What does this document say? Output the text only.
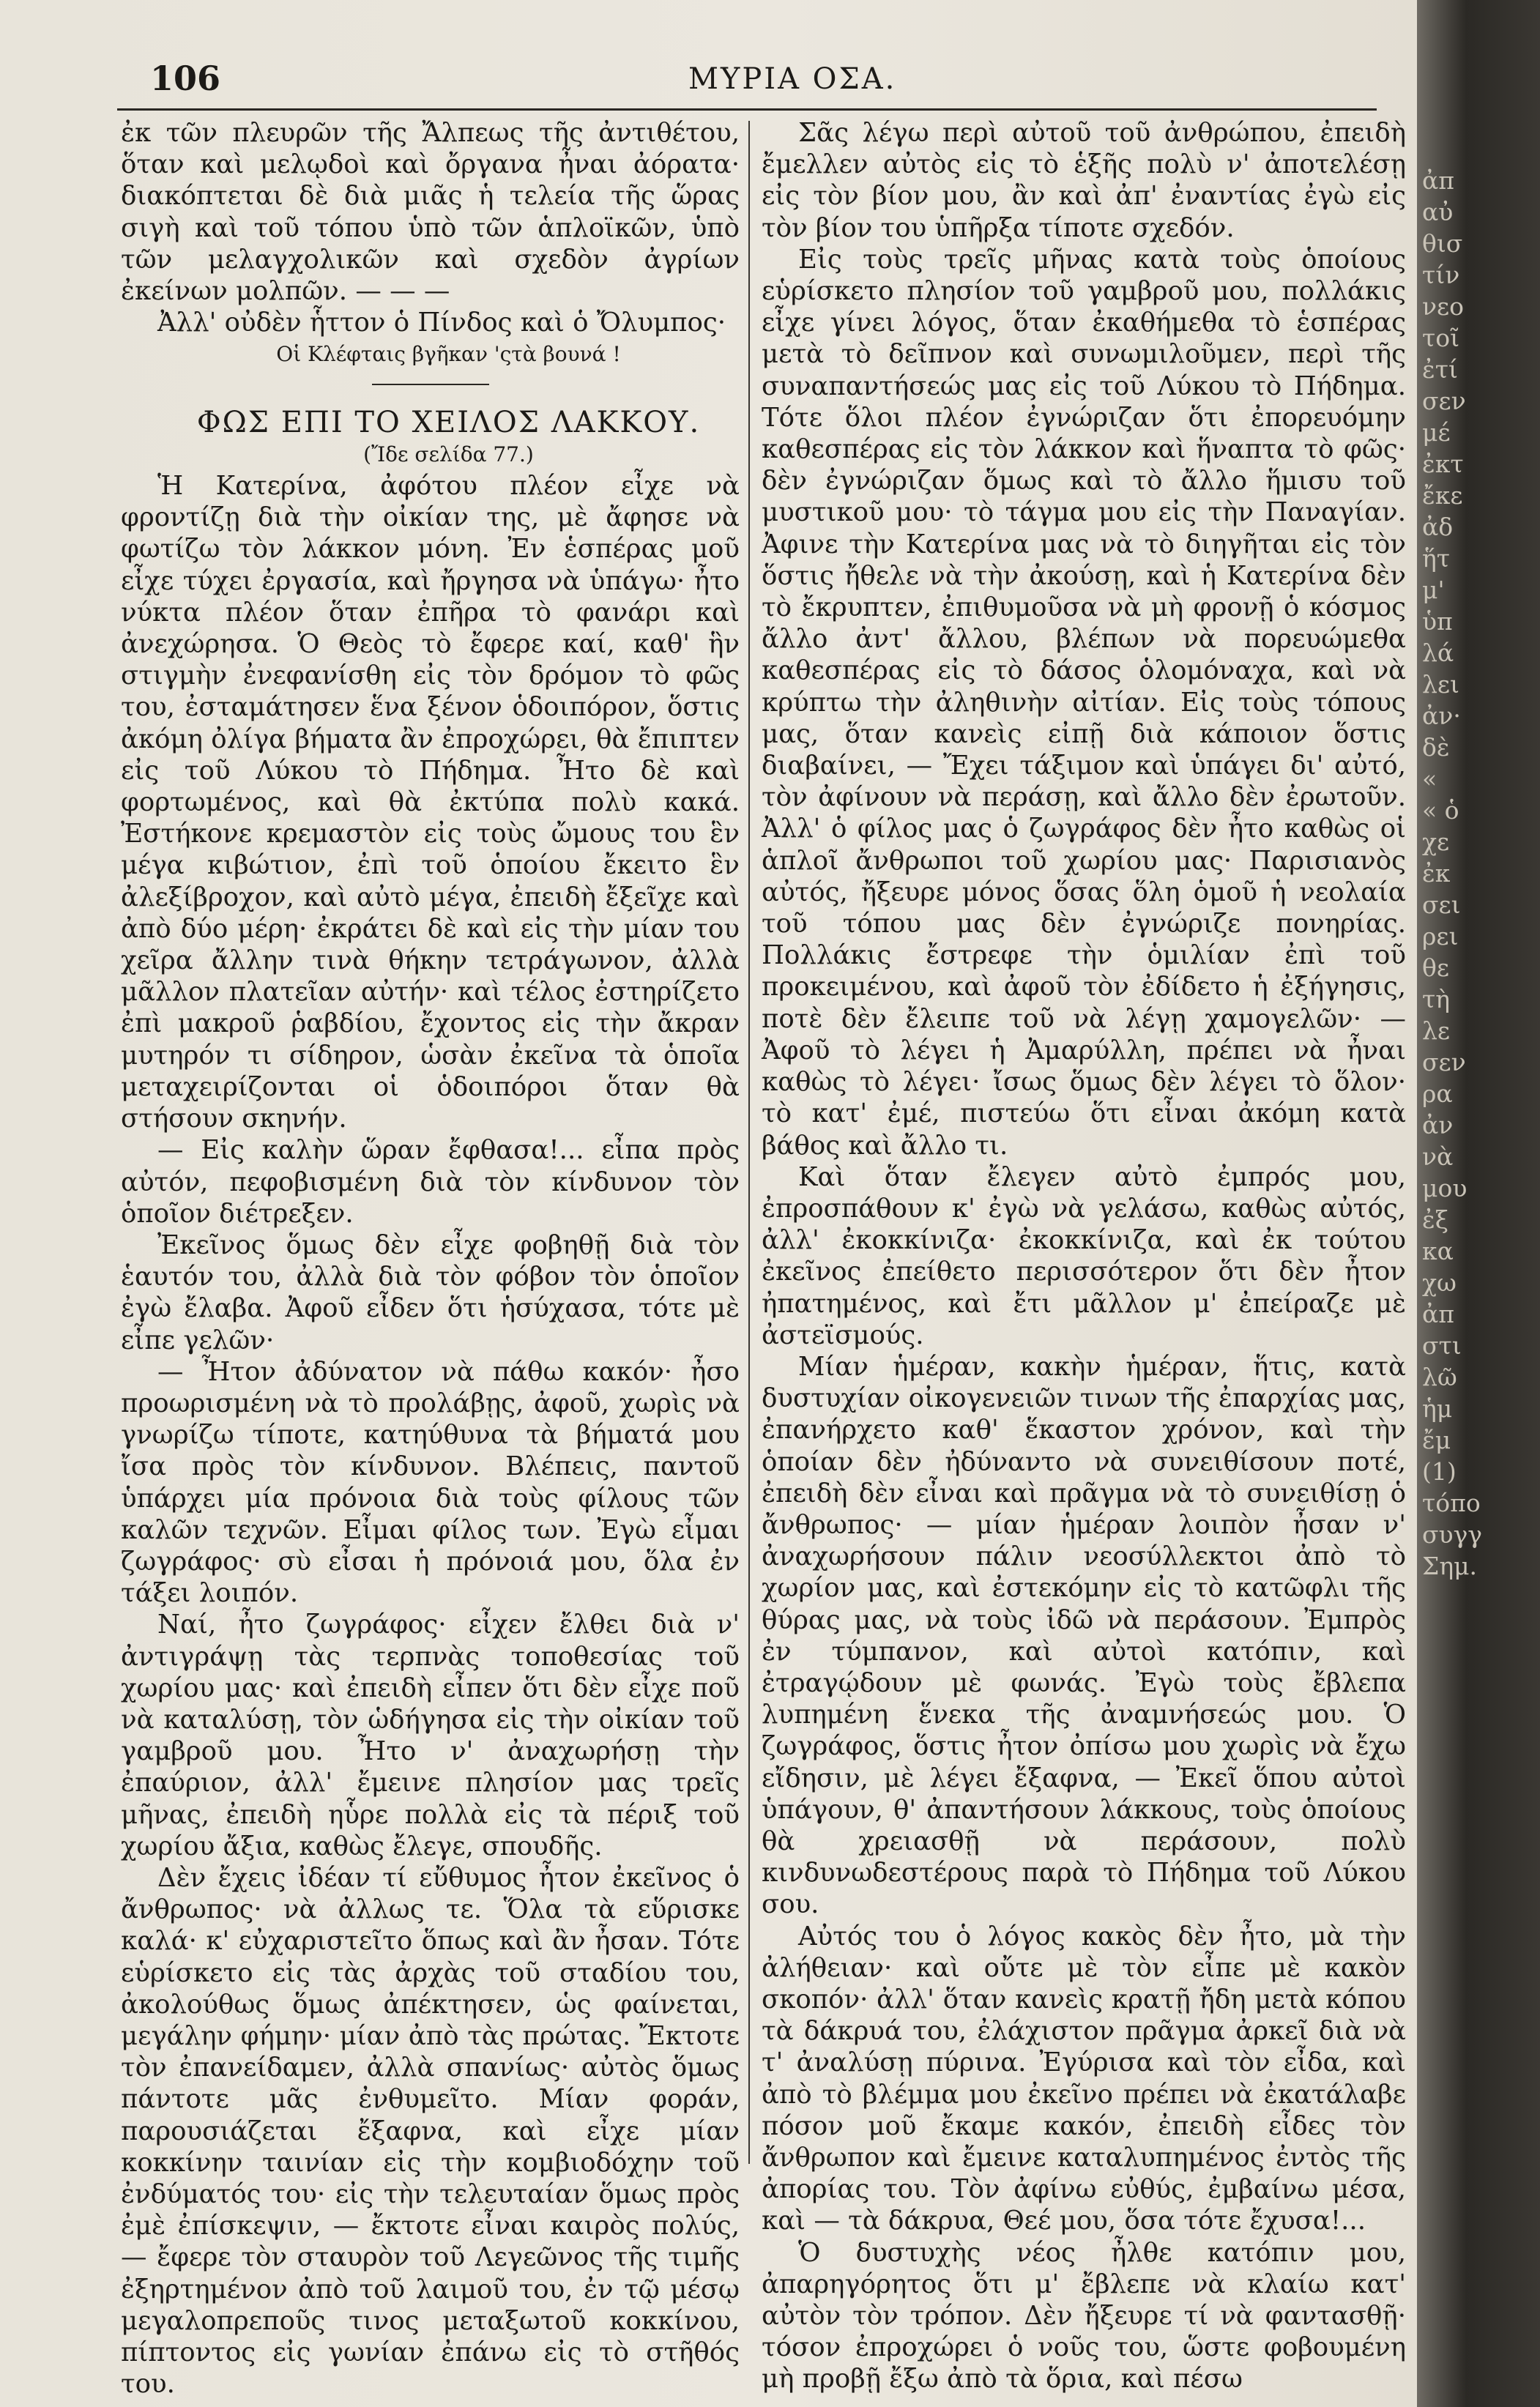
106	ΜΥΡΙΑ ΟΣΑ.

ἐκ τῶν πλευρῶν τῆς Ἄλπεως τῆς ἀντιθέτου, ὅταν καὶ μελῳδοὶ καὶ ὄργανα ἦναι ἀόρατα· διακόπτεται δὲ διὰ μιᾶς ἡ τελεία τῆς ὥρας σιγὴ καὶ τοῦ τόπου ὑπὸ τῶν ἁπλοϊκῶν, ὑπὸ τῶν μελαγχολικῶν καὶ σχεδὸν ἀγρίων ἐκείνων μολπῶν. — — —

Ἀλλ' οὐδὲν ἧττον ὁ Πίνδος καὶ ὁ Ὄλυμπος·

Οἱ Κλέφταις βγῆκαν 'ςτὰ βουνά !

ΦΩΣ ΕΠΙ ΤΟ ΧΕΙΛΟΣ ΛΑΚΚΟΥ.

(Ἴδε σελίδα 77.)

Ἡ Κατερίνα, ἀφότου πλέον εἶχε νὰ φροντίζῃ διὰ τὴν οἰκίαν της, μὲ ἄφησε νὰ φωτίζω τὸν λάκκον μόνη. Ἐν ἑσπέρας μοῦ εἶχε τύχει ἐργασία, καὶ ἤργησα νὰ ὑπάγω· ἦτο νύκτα πλέον ὅταν ἐπῆρα τὸ φανάρι καὶ ἀνεχώρησα. Ὁ Θεὸς τὸ ἔφερε καί, καθ' ἣν στιγμὴν ἐνεφανίσθη εἰς τὸν δρόμον τὸ φῶς του, ἐσταμάτησεν ἕνα ξένον ὁδοιπόρον, ὅστις ἀκόμη ὀλίγα βήματα ἂν ἐπροχώρει, θὰ ἔπιπτεν εἰς τοῦ Λύκου τὸ Πήδημα. Ἦτο δὲ καὶ φορτωμένος, καὶ θὰ ἐκτύπα πολὺ κακά. Ἐστήκονε κρεμαστὸν εἰς τοὺς ὤμους του ἓν μέγα κιβώτιον, ἐπὶ τοῦ ὁποίου ἔκειτο ἓν ἀλεξίβροχον, καὶ αὐτὸ μέγα, ἐπειδὴ ἔξεῖχε καὶ ἀπὸ δύο μέρη· ἐκράτει δὲ καὶ εἰς τὴν μίαν του χεῖρα ἄλλην τινὰ θήκην τετράγωνον, ἀλλὰ μᾶλλον πλατεῖαν αὐτήν· καὶ τέλος ἐστηρίζετο ἐπὶ μακροῦ ῥαβδίου, ἔχοντος εἰς τὴν ἄκραν μυτηρόν τι σίδηρον, ὡσὰν ἐκεῖνα τὰ ὁποῖα μεταχειρίζονται οἱ ὁδοιπόροι ὅταν θὰ στήσουν σκηνήν.

— Εἰς καλὴν ὥραν ἔφθασα!... εἶπα πρὸς αὐτόν, πεφοβισμένη διὰ τὸν κίνδυνον τὸν ὁποῖον διέτρεξεν.

Ἐκεῖνος ὅμως δὲν εἶχε φοβηθῇ διὰ τὸν ἑαυτόν του, ἀλλὰ διὰ τὸν φόβον τὸν ὁποῖον ἐγὼ ἔλαβα. Ἀφοῦ εἶδεν ὅτι ἡσύχασα, τότε μὲ εἶπε γελῶν·

— Ἦτον ἀδύνατον νὰ πάθω κακόν· ἦσο προωρισμένη νὰ τὸ προλάβῃς, ἀφοῦ, χωρὶς νὰ γνωρίζω τίποτε, κατηύθυνα τὰ βήματά μου ἴσα πρὸς τὸν κίνδυνον. Βλέπεις, παντοῦ ὑπάρχει μία πρόνοια διὰ τοὺς φίλους τῶν καλῶν τεχνῶν. Εἶμαι φίλος των. Ἐγὼ εἶμαι ζωγράφος· σὺ εἶσαι ἡ πρόνοιά μου, ὅλα ἐν τάξει λοιπόν.

Ναί, ἦτο ζωγράφος· εἶχεν ἔλθει διὰ ν' ἀντιγράψῃ τὰς τερπνὰς τοποθεσίας τοῦ χωρίου μας· καὶ ἐπειδὴ εἶπεν ὅτι δὲν εἶχε ποῦ νὰ καταλύσῃ, τὸν ὡδήγησα εἰς τὴν οἰκίαν τοῦ γαμβροῦ μου. Ἦτο ν' ἀναχωρήσῃ τὴν ἐπαύριον, ἀλλ' ἔμεινε πλησίον μας τρεῖς μῆνας, ἐπειδὴ ηὗρε πολλὰ εἰς τὰ πέριξ τοῦ χωρίου ἄξια, καθὼς ἔλεγε, σπουδῆς.

Δὲν ἔχεις ἰδέαν τί εὔθυμος ἦτον ἐκεῖνος ὁ ἄνθρωπος· νὰ ἀλλως τε. Ὅλα τὰ εὕρισκε καλά· κ' εὐχαριστεῖτο ὅπως καὶ ἂν ἦσαν. Τότε εὑρίσκετο εἰς τὰς ἀρχὰς τοῦ σταδίου του, ἀκολούθως ὅμως ἀπέκτησεν, ὡς φαίνεται, μεγάλην φήμην· μίαν ἀπὸ τὰς πρώτας. Ἔκτοτε τὸν ἐπανείδαμεν, ἀλλὰ σπανίως· αὐτὸς ὅμως πάντοτε μᾶς ἐνθυμεῖτο. Μίαν φοράν, παρουσιάζεται ἔξαφνα, καὶ εἶχε μίαν κοκκίνην ταινίαν εἰς τὴν κομβιοδόχην τοῦ ἐνδύματός του· εἰς τὴν τελευταίαν ὅμως πρὸς ἐμὲ ἐπίσκεψιν, — ἔκτοτε εἶναι καιρὸς πολύς, — ἔφερε τὸν σταυρὸν τοῦ Λεγεῶνος τῆς τιμῆς ἐξηρτημένον ἀπὸ τοῦ λαιμοῦ του, ἐν τῷ μέσῳ μεγαλοπρεποῦς τινος μεταξωτοῦ κοκκίνου, πίπτοντος εἰς γωνίαν ἐπάνω εἰς τὸ στῆθός του.

Σᾶς λέγω περὶ αὐτοῦ τοῦ ἀνθρώπου, ἐπειδὴ ἔμελλεν αὐτὸς εἰς τὸ ἑξῆς πολὺ ν' ἀποτελέσῃ εἰς τὸν βίον μου, ἂν καὶ ἀπ' ἐναντίας ἐγὼ εἰς τὸν βίον του ὑπῆρξα τίποτε σχεδόν.

Εἰς τοὺς τρεῖς μῆνας κατὰ τοὺς ὁποίους εὑρίσκετο πλησίον τοῦ γαμβροῦ μου, πολλάκις εἶχε γίνει λόγος, ὅταν ἐκαθήμεθα τὸ ἑσπέρας μετὰ τὸ δεῖπνον καὶ συνωμιλοῦμεν, περὶ τῆς συναπαντήσεώς μας εἰς τοῦ Λύκου τὸ Πήδημα. Τότε ὅλοι πλέον ἐγνώριζαν ὅτι ἐπορευόμην καθεσπέρας εἰς τὸν λάκκον καὶ ἥναπτα τὸ φῶς· δὲν ἐγνώριζαν ὅμως καὶ τὸ ἄλλο ἥμισυ τοῦ μυστικοῦ μου· τὸ τάγμα μου εἰς τὴν Παναγίαν. Ἀφινε τὴν Κατερίνα μας νὰ τὸ διηγῆται εἰς τὸν ὅστις ἤθελε νὰ τὴν ἀκούσῃ, καὶ ἡ Κατερίνα δὲν τὸ ἔκρυπτεν, ἐπιθυμοῦσα νὰ μὴ φρονῇ ὁ κόσμος ἄλλο ἀντ' ἄλλου, βλέπων νὰ πορευώμεθα καθεσπέρας εἰς τὸ δάσος ὁλομόναχα, καὶ νὰ κρύπτω τὴν ἀληθινὴν αἰτίαν. Εἰς τοὺς τόπους μας, ὅταν κανεὶς εἰπῇ διὰ κάποιον ὅστις διαβαίνει, — Ἔχει τάξιμον καὶ ὑπάγει δι' αὐτό, τὸν ἀφίνουν νὰ περάσῃ, καὶ ἄλλο δὲν ἐρωτοῦν. Ἀλλ' ὁ φίλος μας ὁ ζωγράφος δὲν ἦτο καθὼς οἱ ἁπλοῖ ἄνθρωποι τοῦ χωρίου μας· Παρισιανὸς αὐτός, ἤξευρε μόνος ὅσας ὅλη ὁμοῦ ἡ νεολαία τοῦ τόπου μας δὲν ἐγνώριζε πονηρίας. Πολλάκις ἔστρεφε τὴν ὁμιλίαν ἐπὶ τοῦ προκειμένου, καὶ ἀφοῦ τὸν ἐδίδετο ἡ ἐξήγησις, ποτὲ δὲν ἔλειπε τοῦ νὰ λέγῃ χαμογελῶν· — Ἀφοῦ τὸ λέγει ἡ Ἀμαρύλλη, πρέπει νὰ ἦναι καθὼς τὸ λέγει· ἴσως ὅμως δὲν λέγει τὸ ὅλον· τὸ κατ' ἐμέ, πιστεύω ὅτι εἶναι ἀκόμη κατὰ βάθος καὶ ἄλλο τι.

Καὶ ὅταν ἔλεγεν αὐτὸ ἐμπρός μου, ἐπροσπάθουν κ' ἐγὼ νὰ γελάσω, καθὼς αὐτός, ἀλλ' ἐκοκκίνιζα· ἐκοκκίνιζα, καὶ ἐκ τούτου ἐκεῖνος ἐπείθετο περισσότερον ὅτι δὲν ἦτον ἠπατημένος, καὶ ἔτι μᾶλλον μ' ἐπείραζε μὲ ἀστεϊσμούς.

Μίαν ἡμέραν, κακὴν ἡμέραν, ἥτις, κατὰ δυστυχίαν οἰκογενειῶν τινων τῆς ἐπαρχίας μας, ἐπανήρχετο καθ' ἕκαστον χρόνον, καὶ τὴν ὁποίαν δὲν ἠδύναντο νὰ συνειθίσουν ποτέ, ἐπειδὴ δὲν εἶναι καὶ πρᾶγμα νὰ τὸ συνειθίσῃ ὁ ἄνθρωπος· — μίαν ἡμέραν λοιπὸν ἦσαν ν' ἀναχωρήσουν πάλιν νεοσύλλεκτοι ἀπὸ τὸ χωρίον μας, καὶ ἐστεκόμην εἰς τὸ κατῶφλι τῆς θύρας μας, νὰ τοὺς ἰδῶ νὰ περάσουν. Ἐμπρὸς ἐν τύμπανον, καὶ αὐτοὶ κατόπιν, καὶ ἐτραγῴδουν μὲ φωνάς. Ἐγὼ τοὺς ἔβλεπα λυπημένη ἕνεκα τῆς ἀναμνήσεώς μου. Ὁ ζωγράφος, ὅστις ἦτον ὀπίσω μου χωρὶς νὰ ἔχω εἴδησιν, μὲ λέγει ἔξαφνα, — Ἐκεῖ ὅπου αὐτοὶ ὑπάγουν, θ' ἀπαντήσουν λάκκους, τοὺς ὁποίους θὰ χρειασθῇ νὰ περάσουν, πολὺ κινδυνωδεστέρους παρὰ τὸ Πήδημα τοῦ Λύκου σου.

Αὐτός του ὁ λόγος κακὸς δὲν ἦτο, μὰ τὴν ἀλήθειαν· καὶ οὔτε μὲ τὸν εἶπε μὲ κακὸν σκοπόν· ἀλλ' ὅταν κανεὶς κρατῇ ἤδη μετὰ κόπου τὰ δάκρυά του, ἐλάχιστον πρᾶγμα ἀρκεῖ διὰ νὰ τ' ἀναλύσῃ πύρινα. Ἐγύρισα καὶ τὸν εἶδα, καὶ ἀπὸ τὸ βλέμμα μου ἐκεῖνο πρέπει νὰ ἐκατάλαβε πόσον μοῦ ἔκαμε κακόν, ἐπειδὴ εἶδες τὸν ἄνθρωπον καὶ ἔμεινε καταλυπημένος ἐντὸς τῆς ἀπορίας του. Τὸν ἀφίνω εὐθύς, ἐμβαίνω μέσα, καὶ — τὰ δάκρυα, Θεέ μου, ὅσα τότε ἔχυσα!...

Ὁ δυστυχὴς νέος ἦλθε κατόπιν μου, ἀπαρηγόρητος ὅτι μ' ἔβλεπε νὰ κλαίω κατ' αὐτὸν τὸν τρόπον. Δὲν ἤξευρε τί νὰ φαντασθῇ· τόσον ἐπροχώρει ὁ νοῦς του, ὥστε φοβουμένη μὴ προβῇ ἔξω ἀπὸ τὰ ὅρια, καὶ πέσω

ἀπ
αὐ
θισ
τίν
νεο
τοῖ
ἐτί
σεν
μέ
ἐκτ
ἔκε
ἀδ
ἥτ
μ'
ὑπ
λά
λει
ἀν·
δὲ
«
« ὁ
χε
ἐκ
σει
ρει
θε
τὴ
λε
σεν
ρα
ἀν
νὰ
μου
ἐξ
κα
χω
ἀπ
στι
λῶ
ἡμ
ἔμ
(1)
τόπο
συγγ
Σημ.
